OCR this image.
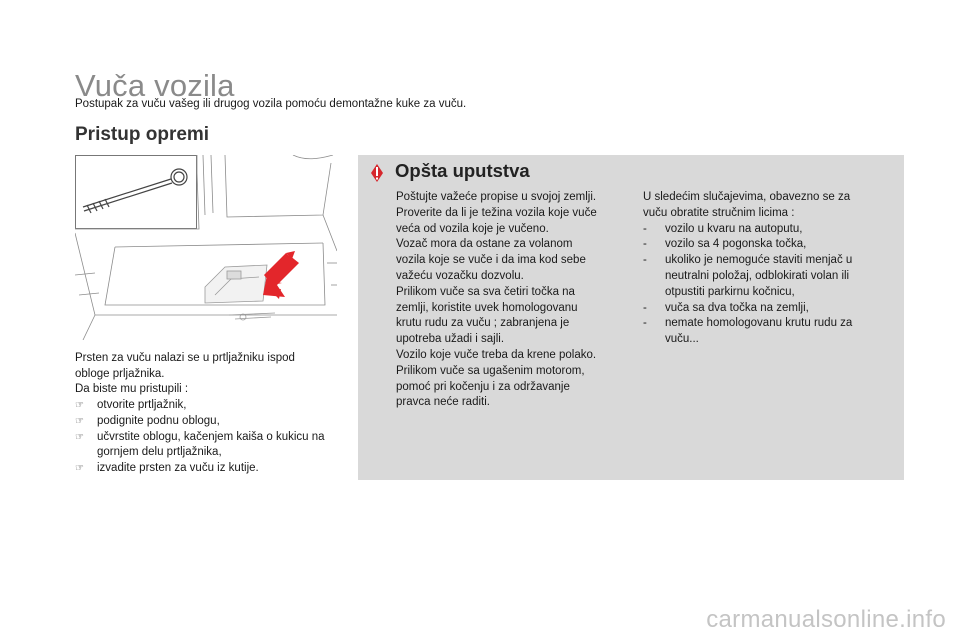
Vuča vozila

Postupak za vuču vašeg ili drugog vozila pomoću demontažne kuke za vuču.

Pristup opremi

Prsten za vuču nalazi se u prtljažniku ispod

obloge prljažnika.

Da biste mu pristupili :

☞	otvorite prtljažnik,
☞	podignite podnu oblogu,
☞	učvrstite oblogu, kačenjem kaiša o kukicu na gornjem delu prtljažnika,
☞	izvadite prsten za vuču iz kutije.
Opšta uputstva

Poštujte važeće propise u svojoj zemlji.

Proverite da li je težina vozila koje vuče

veća od vozila koje je vučeno.

Vozač mora da ostane za volanom

vozila koje se vuče i da ima kod sebe

važeću vozačku dozvolu.

Prilikom vuče sa sva četiri točka na

zemlji, koristite uvek homologovanu

krutu rudu za vuču ; zabranjena je

upotreba užadi i sajli.

Vozilo koje vuče treba da krene polako.

Prilikom vuče sa ugašenim motorom,

pomoć pri kočenju i za održavanje

pravca neće raditi.

U sledećim slučajevima, obavezno se za

vuču obratite stručnim licima :

- vozilo u kvaru na autoputu,
- vozilo sa 4 pogonska točka,
- ukoliko je nemoguće staviti menjač u neutralni položaj, odblokirati volan ili otpustiti parkirnu kočnicu,
- vuča sa dva točka na zemlji,
- nemate homologovanu krutu rudu za vuču...

carmanualsonline.info
